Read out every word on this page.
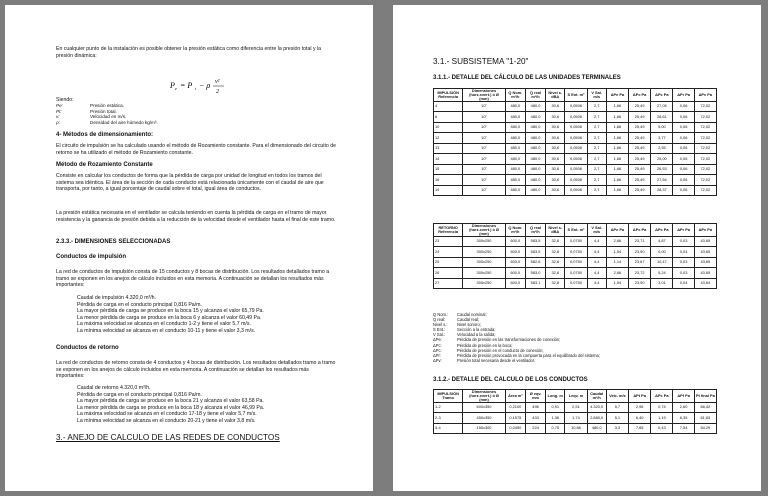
En cualquier punto de la instalación es posible obtener la presión estática como diferencia entre la presión total y la presión dinámica:
P e = P t − ρ v²
2
Siendo:
Pe:	Presión estática.
Pt:	Presión total.
v:	Velocidad en m/s.
ρ:	Densidad del aire húmedo kg/m³.
4- Métodos de dimensionamiento:
El circuito de impulsión se ha calculado usando el método de Rozamiento constante. Para el dimensionado del circuito de retorno se ha utilizado el método de Rozamiento constante.
Método de Rozamiento Constante
Consiste en calcular los conductos de forma que la pérdida de carga por unidad de longitud en todos los tramos del sistema sea idéntica. El área de la sección de cada conducto está relacionada únicamente con el caudal de aire que transporta, por tanto, a igual porcentaje de caudal sobre el total, igual área de conductos.
La presión estática necesaria en el ventilador se calcula teniendo en cuenta la pérdida de carga en el tramo de mayor resistencia y la ganancia de presión debida a la reducción de la velocidad desde el ventilador hasta el final de este tramo.
2.3.3.- DIMENSIONES SELECCIONADAS
Conductos de impulsión
La red de conductos de impulsión consta de 15 conductos y 8 bocas de distribución. Los resultados detallados tramo a tramo se exponen en los anejos de cálculo incluidos en esta memoria. A continuación se detallan los resultados más importantes:
Caudal de impulsión 4.320,0 m³/h.
Pérdida de carga en el conducto principal 0,816 Pa/m.
La mayor pérdida de carga se produce en la boca 15 y alcanza el valor 65,79 Pa.
La menor pérdida de carga se produce en la boca 6 y alcanza el valor 60,49 Pa.
La máxima velocidad se alcanza en el conducto 1-2 y tiene el valor 5,7 m/s.
La mínima velocidad se alcanza en el conducto 10-11 y tiene el valor 3,3 m/s.
Conductos de retorno
La red de conductos de retorno consta de 4 conductos y 4 bocas de distribución. Los resultados detallados tramo a tramo se exponen en los anejos de cálculo incluidos en esta memoria. A continuación se detallan los resultados más importantes:
Caudal de retorno 4.320,0 m³/h.
Pérdida de carga en el conducto principal 0,816 Pa/m.
La mayor pérdida de carga se produce en la boca 21 y alcanza el valor 63,58 Pa.
La menor pérdida de carga se produce en la boca 18 y alcanza el valor 46,99 Pa.
La máxima velocidad se alcanza en el conducto 17-18 y tiene el valor 5,7 m/s.
La mínima velocidad se alcanza en el conducto 20-21 y tiene el valor 3,8 m/s.
3.- ANEJO DE CALCULO DE LAS REDES DE CONDUCTOS
3.1.- SUBSISTEMA "1-20"
3.1.1.- DETALLE DEL CÁLCULO DE LAS UNIDADES TERMINALES
IMPULSIÓN Referencia	Dimensiones (horz.xvert.) ó Ø (mm)	Q Nom. m³/h	Q real m³/h	Nivel s. dBA	S Ent. m²	V Sal. m/s	ΔPe Pa	ΔPc Pa	ΔPc Pa	ΔPr Pa	ΔPv Pa
4	10"	480,0	480,0	30,6	0,0506	2,7	1,66	25,49	27,05	0,06	72,02
6	10"	480,0	480,0	30,6	0,0506	2,7	1,66	25,49	26,61	0,06	72,02
10	10"	480,0	480,0	30,6	0,0506	2,7	1,66	25,49	5,00	0,06	72,02
12	10"	480,0	480,0	30,6	0,0506	2,7	1,66	25,49	3,77	0,06	72,02
13	10"	480,0	480,0	30,6	0,0506	2,7	1,66	25,49	2,55	0,06	72,02
14	10"	480,0	480,0	30,6	0,0506	2,7	1,66	25,49	25,00	0,06	72,02
15	10"	480,0	480,0	30,6	0,0506	2,7	1,66	25,49	26,53	0,06	72,02
16	10"	480,0	480,0	30,6	0,0506	2,7	1,66	25,49	27,54	0,06	72,02
19	10"	480,0	480,0	30,6	0,0506	2,7	1,66	25,49	28,37	0,06	72,02
RETORNO Referencia	Dimensiones (horz.xvert.) ó Ø (mm)	Q Nom. m³/h	Q real m³/h	Nivel s. dBA	S Ent. m²	V Sal. m/s	ΔPe Pa	ΔPc Pa	ΔPc Pa	ΔPr Pa	ΔPv Pa
23	300x250	600,0	583,5	32,8	0,0750	4,4	2,66	23,71	4,87	0,03	43,65
24	300x250	600,0	583,5	32,8	0,0750	4,4	1,54	23,90	0,00	0,04	43,65
25	300x250	600,0	582,8	32,8	0,0750	4,4	1,14	23,67	10,47	0,03	43,65
26	300x250	600,0	583,0	32,8	0,0750	4,4	2,66	23,72	5,24	0,03	43,65
27	300x250	600,0	583,1	32,8	0,0750	4,4	1,54	23,90	3,01	0,04	43,64
Q Nom.:	Caudal nominal;
Q real:	Caudal real;
Nivel s.:	Nivel sonoro;
S Ent.:	Sección a la entrada;
V Sal.:	Velocidad a la salida;
ΔPe:	Pérdida de presión en las transformaciones de conexión;
ΔPc:	Pérdida de presión en la boca;
ΔPc:	Pérdida de presión en el conducto de conexión;
ΔPr:	Pérdida de presión provocada en la compuerta para el equilibrado del sistema;
ΔPv:	Presión total necesaria desde el ventilador.
3.1.2.- DETALLE DEL CALCULO DE LOS CONDUCTOS
IMPULSIÓN Tramo	Dimensiones (horz.xvert.) ó Ø (mm)	Área m²	Ø eqv. mm	Long. m	Leqv. m	Caudal m³/h	Velc. m/s	ΔPt Pa	ΔPc Pa	ΔPf Pa	Pt final Pa
1-2	600x350	0,2100	496	0,91	2,51	4.320,0	5,7	2,96	0,74	2,60	68,42
2-3	450x350	0,1575	433	1,36	1,74	2.880,0	5,1	6,40	1,19	6,35	61,83
3-4	150x300	0,0450	224	0,75	10,86	480,0	3,3	7,65	0,43	7,54	54,29
